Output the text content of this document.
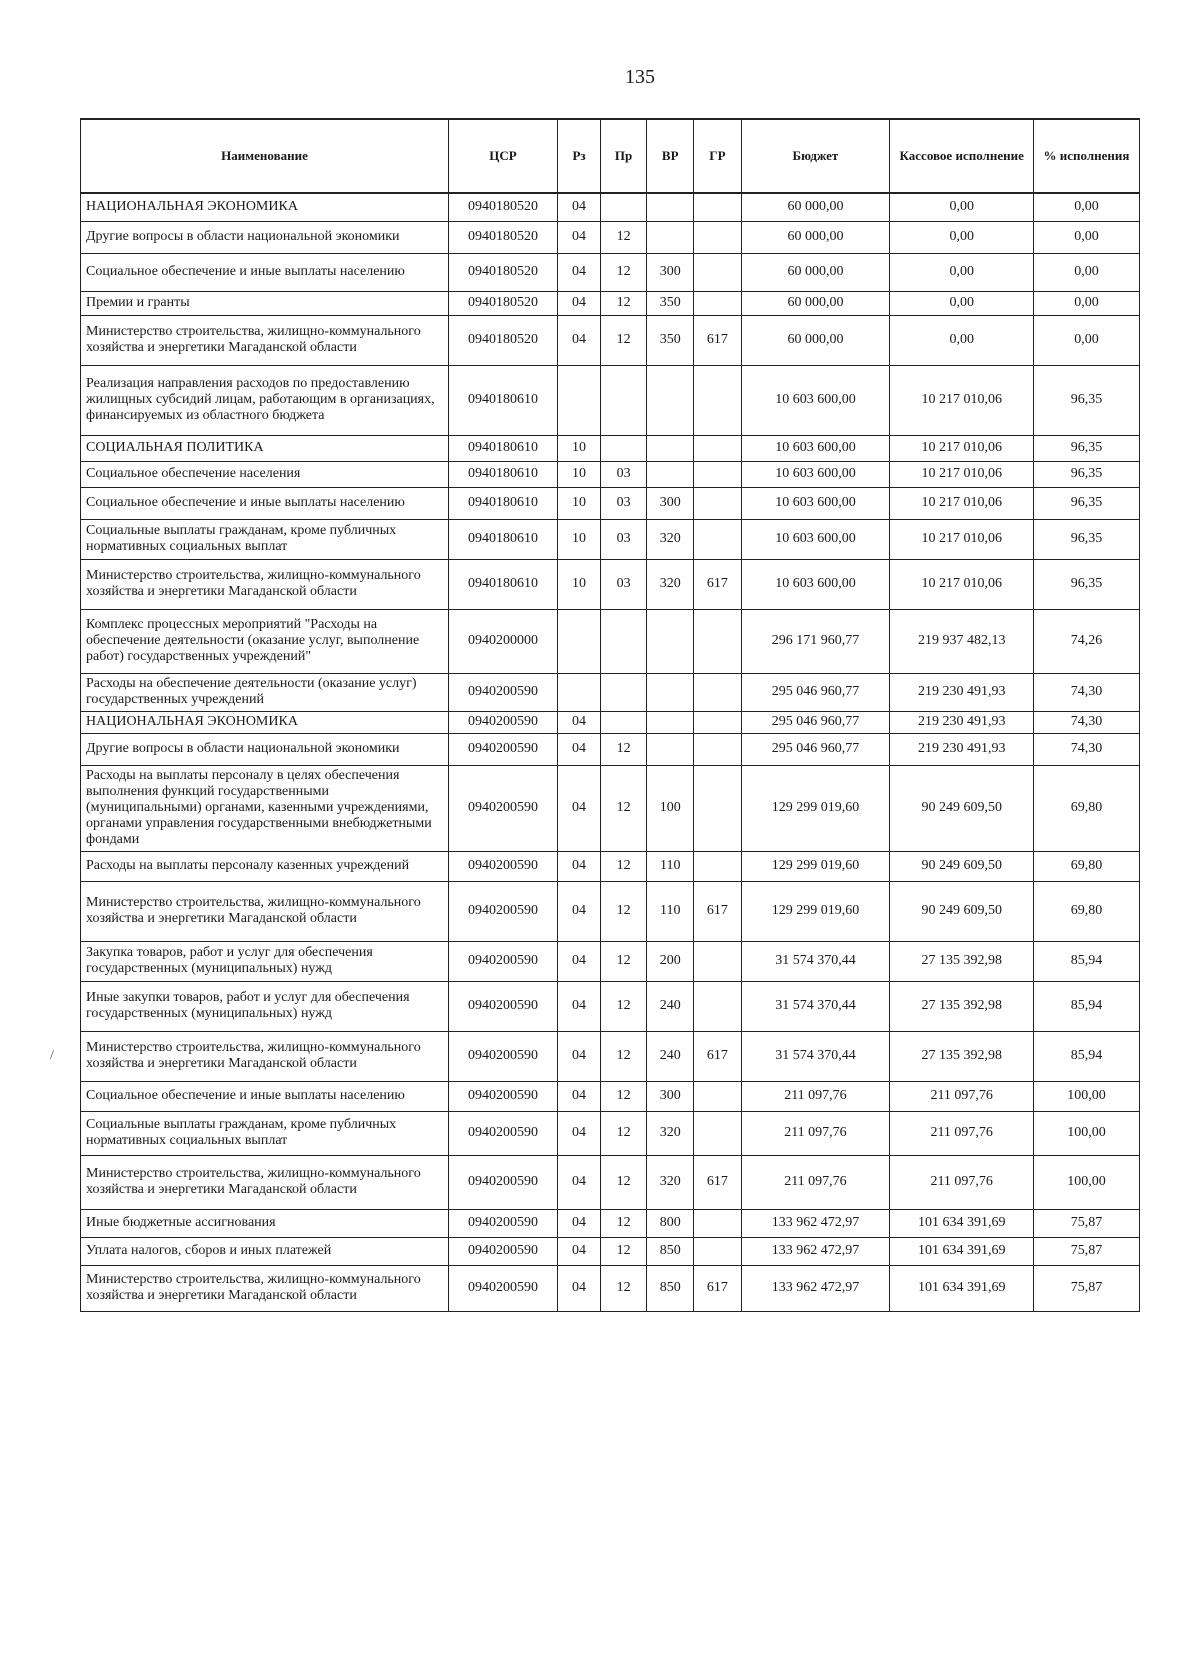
135
/
Наименование	ЦСР	Рз	Пр	ВР	ГР	Бюджет	Кассовое исполнение	% исполнения
НАЦИОНАЛЬНАЯ ЭКОНОМИКА	0940180520	04				60 000,00	0,00	0,00
Другие вопросы в области национальной экономики	0940180520	04	12			60 000,00	0,00	0,00
Социальное обеспечение и иные выплаты населению	0940180520	04	12	300		60 000,00	0,00	0,00
Премии и гранты	0940180520	04	12	350		60 000,00	0,00	0,00
Министерство строительства, жилищно-коммунального хозяйства и энергетики Магаданской области	0940180520	04	12	350	617	60 000,00	0,00	0,00
Реализация направления расходов по предоставлению жилищных субсидий лицам, работающим в организациях, финансируемых из областного бюджета	0940180610					10 603 600,00	10 217 010,06	96,35
СОЦИАЛЬНАЯ ПОЛИТИКА	0940180610	10				10 603 600,00	10 217 010,06	96,35
Социальное обеспечение населения	0940180610	10	03			10 603 600,00	10 217 010,06	96,35
Социальное обеспечение и иные выплаты населению	0940180610	10	03	300		10 603 600,00	10 217 010,06	96,35
Социальные выплаты гражданам, кроме публичных нормативных социальных выплат	0940180610	10	03	320		10 603 600,00	10 217 010,06	96,35
Министерство строительства, жилищно-коммунального хозяйства и энергетики Магаданской области	0940180610	10	03	320	617	10 603 600,00	10 217 010,06	96,35
Комплекс процессных мероприятий "Расходы на обеспечение деятельности (оказание услуг, выполнение работ) государственных учреждений"	0940200000					296 171 960,77	219 937 482,13	74,26
Расходы на обеспечение деятельности (оказание услуг) государственных учреждений	0940200590					295 046 960,77	219 230 491,93	74,30
НАЦИОНАЛЬНАЯ ЭКОНОМИКА	0940200590	04				295 046 960,77	219 230 491,93	74,30
Другие вопросы в области национальной экономики	0940200590	04	12			295 046 960,77	219 230 491,93	74,30
Расходы на выплаты персоналу в целях обеспечения выполнения функций государственными (муниципальными) органами, казенными учреждениями, органами управления государственными внебюджетными фондами	0940200590	04	12	100		129 299 019,60	90 249 609,50	69,80
Расходы на выплаты персоналу казенных учреждений	0940200590	04	12	110		129 299 019,60	90 249 609,50	69,80
Министерство строительства, жилищно-коммунального хозяйства и энергетики Магаданской области	0940200590	04	12	110	617	129 299 019,60	90 249 609,50	69,80
Закупка товаров, работ и услуг для обеспечения государственных (муниципальных) нужд	0940200590	04	12	200		31 574 370,44	27 135 392,98	85,94
Иные закупки товаров, работ и услуг для обеспечения государственных (муниципальных) нужд	0940200590	04	12	240		31 574 370,44	27 135 392,98	85,94
Министерство строительства, жилищно-коммунального хозяйства и энергетики Магаданской области	0940200590	04	12	240	617	31 574 370,44	27 135 392,98	85,94
Социальное обеспечение и иные выплаты населению	0940200590	04	12	300		211 097,76	211 097,76	100,00
Социальные выплаты гражданам, кроме публичных нормативных социальных выплат	0940200590	04	12	320		211 097,76	211 097,76	100,00
Министерство строительства, жилищно-коммунального хозяйства и энергетики Магаданской области	0940200590	04	12	320	617	211 097,76	211 097,76	100,00
Иные бюджетные ассигнования	0940200590	04	12	800		133 962 472,97	101 634 391,69	75,87
Уплата налогов, сборов и иных платежей	0940200590	04	12	850		133 962 472,97	101 634 391,69	75,87
Министерство строительства, жилищно-коммунального хозяйства и энергетики Магаданской области	0940200590	04	12	850	617	133 962 472,97	101 634 391,69	75,87
